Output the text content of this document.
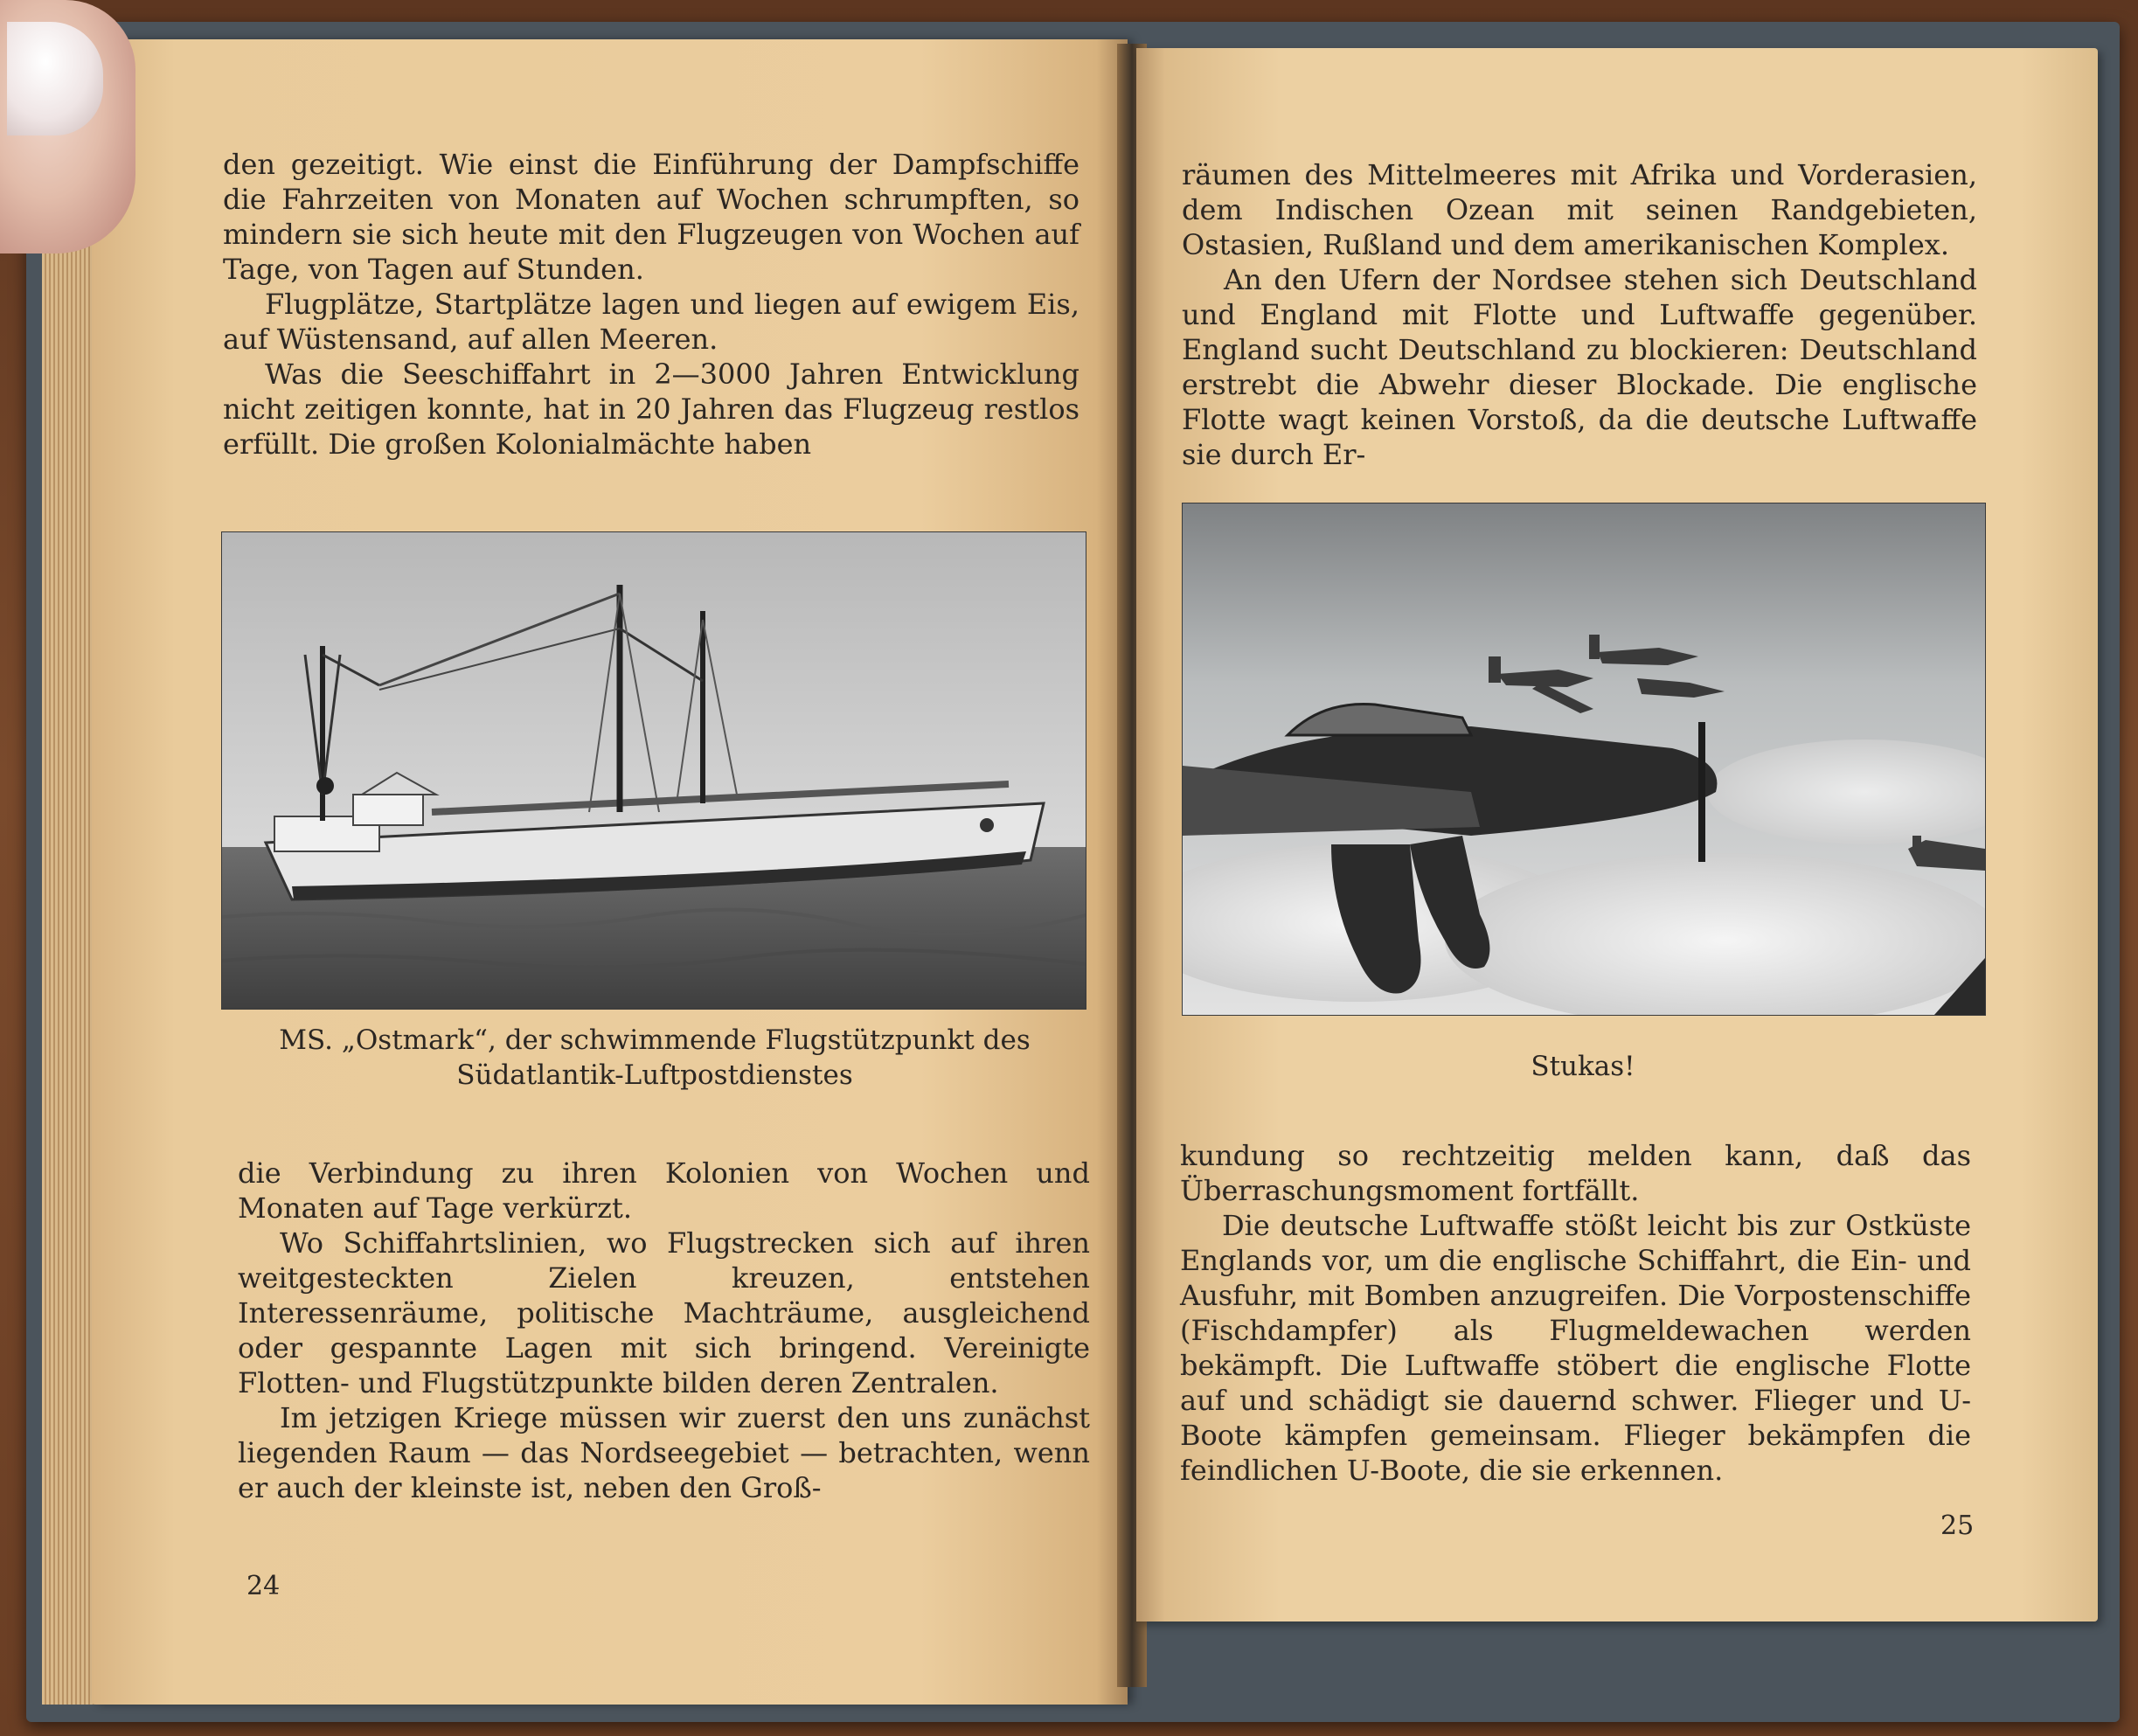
den gezeitigt. Wie einst die Einführung der Dampfschiffe die Fahrzeiten von Monaten auf Wochen schrumpften, so mindern sie sich heute mit den Flugzeugen von Wochen auf Tage, von Tagen auf Stunden.

Flugplätze, Startplätze lagen und liegen auf ewigem Eis, auf Wüstensand, auf allen Meeren.

Was die Seeschiffahrt in 2—3000 Jahren Entwicklung nicht zeitigen konnte, hat in 20 Jahren das Flugzeug restlos erfüllt. Die großen Kolonialmächte haben

MS. „Ostmark“, der schwimmende Flugstützpunkt des
Südatlantik-Luftpostdienstes

die Verbindung zu ihren Kolonien von Wochen und Monaten auf Tage verkürzt.

Wo Schiffahrtslinien, wo Flugstrecken sich auf ihren weitgesteckten Zielen kreuzen, entstehen Interessenräume, politische Machträume, ausgleichend oder gespannte Lagen mit sich bringend. Vereinigte Flotten- und Flugstützpunkte bilden deren Zentralen.

Im jetzigen Kriege müssen wir zuerst den uns zunächst liegenden Raum — das Nordseegebiet — betrachten, wenn er auch der kleinste ist, neben den Groß-

24

räumen des Mittelmeeres mit Afrika und Vorderasien, dem Indischen Ozean mit seinen Randgebieten, Ostasien, Rußland und dem amerikanischen Komplex.

An den Ufern der Nordsee stehen sich Deutschland und England mit Flotte und Luftwaffe gegenüber. England sucht Deutschland zu blockieren: Deutschland erstrebt die Abwehr dieser Blockade. Die englische Flotte wagt keinen Vorstoß, da die deutsche Luftwaffe sie durch Er-

Stukas!

kundung so rechtzeitig melden kann, daß das Überraschungsmoment fortfällt.

Die deutsche Luftwaffe stößt leicht bis zur Ostküste Englands vor, um die englische Schiffahrt, die Ein- und Ausfuhr, mit Bomben anzugreifen. Die Vorpostenschiffe (Fischdampfer) als Flugmeldewachen werden bekämpft. Die Luftwaffe stöbert die englische Flotte auf und schädigt sie dauernd schwer. Flieger und U-Boote kämpfen gemeinsam. Flieger bekämpfen die feindlichen U-Boote, die sie erkennen.

25
